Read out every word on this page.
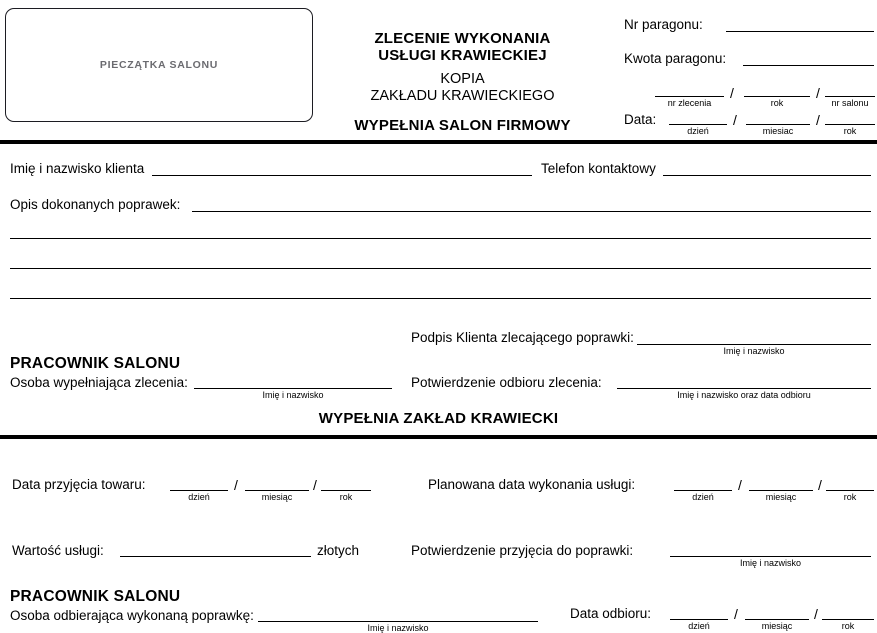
PIECZĄTKA SALONU
ZLECENIE WYKONANIA
USŁUGI KRAWIECKIEJ
KOPIA
ZAKŁADU KRAWIECKIEGO
WYPEŁNIA SALON FIRMOWY
Nr paragonu:
Kwota paragonu:
/	/
nr zlecenia	rok	nr salonu
Data:	/	/
dzień	miesiac	rok
Imię i nazwisko klienta	Telefon kontaktowy
Opis dokonanych poprawek:
Podpis Klienta zlecającego poprawki:
Imię i nazwisko
PRACOWNIK SALONU
Osoba wypełniająca zlecenia:
Imię i nazwisko
Potwierdzenie odbioru zlecenia:
Imię i nazwisko oraz data odbioru
WYPEŁNIA ZAKŁAD KRAWIECKI
Data przyjęcia towaru:	/	/
dzień	miesiąc	rok
Planowana data wykonania usługi:	/	/
dzień	miesiąc	rok
Wartość usługi:	złotych	Potwierdzenie przyjęcia do poprawki:
Imię i nazwisko
PRACOWNIK SALONU
Osoba odbierająca wykonaną poprawkę:
Imię i nazwisko
Data odbioru:	/	/
dzień	miesiąc	rok
